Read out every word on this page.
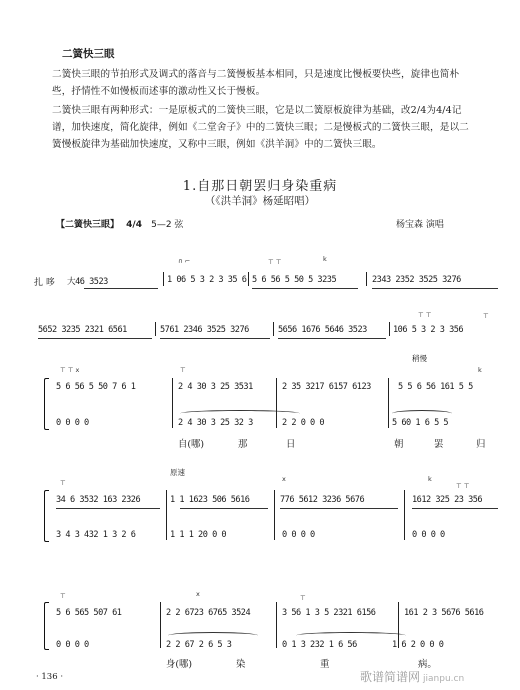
二簧快三眼
二簧快三眼的节拍形式及调式的落音与二簧慢板基本相同，只是速度比慢板要快些，旋律也简朴些，抒情性不如慢板而述事的激动性又长于慢板。
二簧快三眼有两种形式：一是原板式的二簧快三眼，它是以二簧原板旋律为基础，改2/4为4/4记谱，加快速度，简化旋律，例如《二堂舍子》中的二簧快三眼；二是慢板式的二簧快三眼，是以二簧慢板旋律为基础加快速度，又称中三眼，例如《洪羊洞》中的二簧快三眼。
1.自那日朝罢归身染重病
（《洪羊洞》杨延昭唱）
【二簧快三眼】 4/4 5—2 弦	杨宝森 演唱
∩ ⌐	⊤ ⊤	k
扎 哆 大46 3523	1 06 5 3 2 3 35 6 5 6 56 5 50 5 3235	2343 2352 3525 3276
⊤ ⊤	⊤
5652 3235 2321 6561	5761 2346 3525 3276	5656 1676 5646 3523	106 5 3 2 3 356
稍慢
⊤ ⊤ x	⊤	k
5 6 56 5 50 7 6 1	2 4 30 3 25 3531	2 35 3217 6157 6123	5 5 6 56 161 5 5
0 0 0 0	2 4 30 3 25 32 3	2 2 0 0 0	5 60 1 6 5 5
自(哪)	那	日	朝	罢	归
原速
⊤	x	k
⊤ ⊤
34 6 3532 163 2326	1 1 1623 506 5616	776 5612 3236 5676	1612 325 23 356
3 4 3 432 1 3 2 6	1 1 1 20 0 0	0 0 0 0	0 0 0 0
⊤	x	⊤
5 6 565 507 61	2 2 6723 6765 3524	3 56 1 3 5 2321 6156	161 2 3 5676 5616
0 0 0 0	2 2 67 2 6 5 3	0 1 3 232 1 6 56	1 6 2 0 0 0
身(哪)	染	重	病。
· 136 ·	歌谱简谱网 jianpu.cn
